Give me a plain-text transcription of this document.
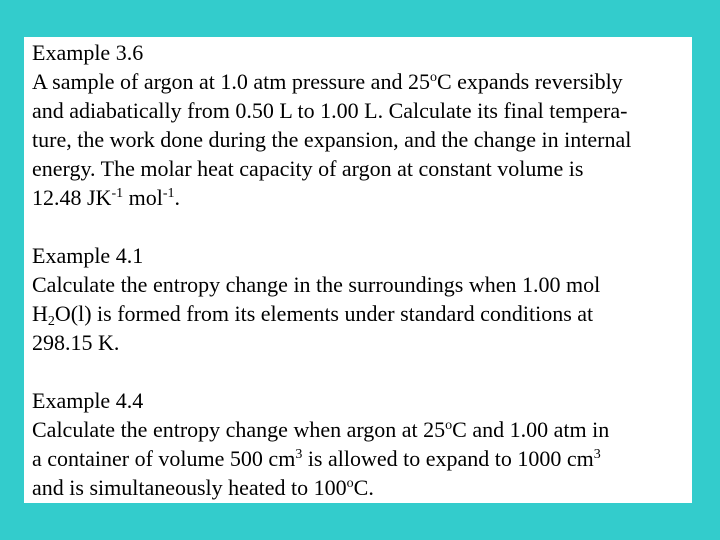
Example 3.6
A sample of argon at 1.0 atm pressure and 25$^o$C expands reversibly
and adiabatically from 0.50 L to 1.00 L. Calculate its final tempera-
ture, the work done during the expansion, and the change in internal
energy. The molar heat capacity of argon at constant volume is
12.48 $JK^{-1}$ mol$^{-1}$.
Example 4.1
Calculate the entropy change in the surroundings when 1.00 mol
$H_2O(l)$ is formed from its elements under standard conditions at
298.15 K.
Example 4.4
Calculate the entropy change when argon at 25$^o$C and 1.00 atm in
a container of volume 500 $cm^3$ is allowed to expand to 1000 $cm^3$
and is simultaneously heated to 100$^o$C.
